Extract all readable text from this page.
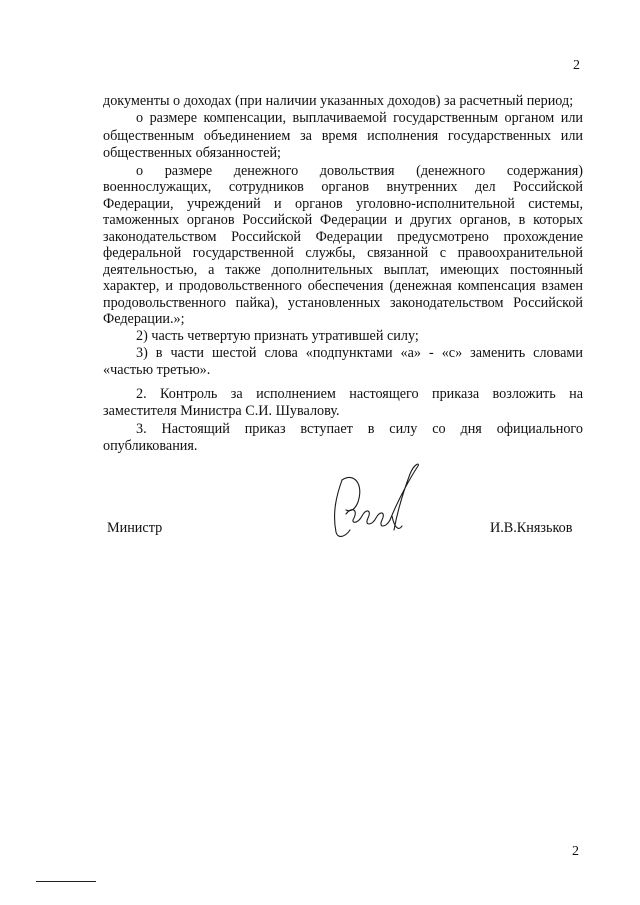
2

документы о доходах (при наличии указанных доходов) за расчетный период;

о размере компенсации, выплачиваемой государственным органом или общественным объединением за время исполнения государственных или общественных обязанностей;

о размере денежного довольствия (денежного содержания) военнослужащих, сотрудников органов внутренних дел Российской Федерации, учреждений и органов уголовно-исполнительной системы, таможенных органов Российской Федерации и других органов, в которых законодательством Российской Федерации предусмотрено прохождение федеральной государственной службы, связанной с правоохранительной деятельностью, а также дополнительных выплат, имеющих постоянный характер, и продовольственного обеспечения (денежная компенсация взамен продовольственного пайка), установленных законодательством Российской Федерации.»;

2) часть четвертую признать утратившей силу;

3) в части шестой слова «подпунктами «а» - «с» заменить словами «частью третью».

2. Контроль за исполнением настоящего приказа возложить на заместителя Министра С.И. Шувалову.

3. Настоящий приказ вступает в силу со дня официального опубликования.

Министр	И.В.Князьков
2
